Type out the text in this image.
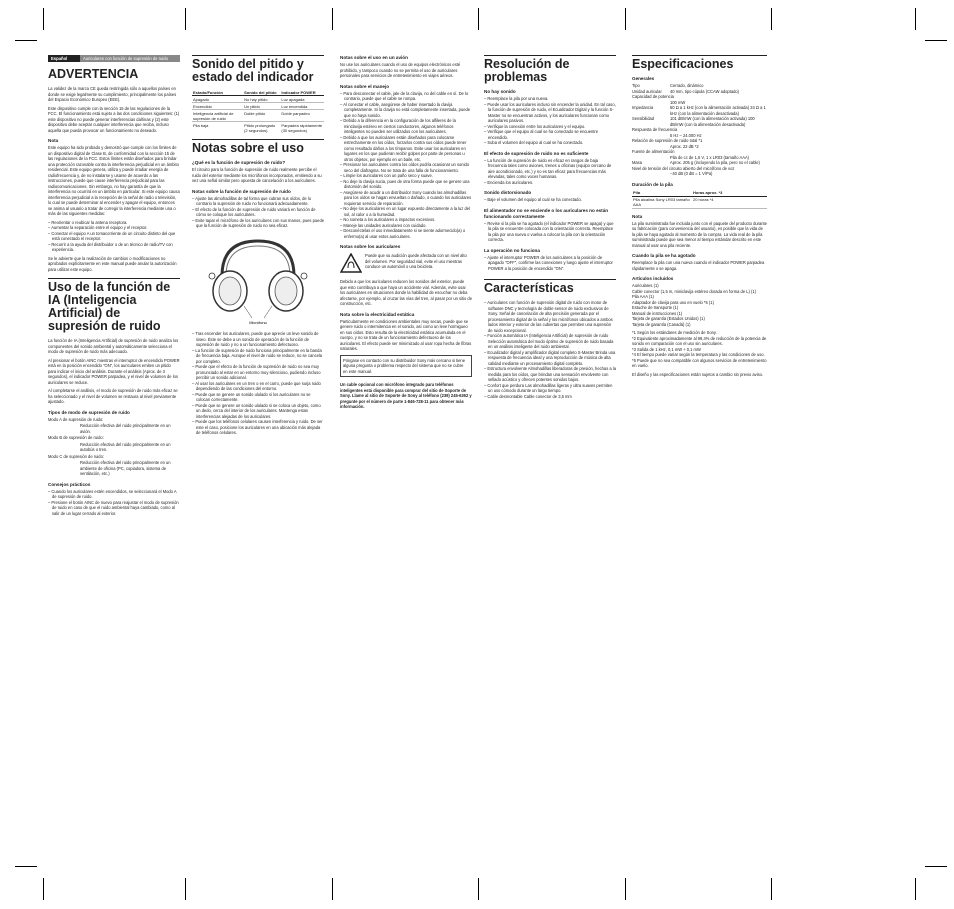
Español	Auriculares con función de supresión de ruido
ADVERTENCIA

La validez de la marca CE queda restringida sólo a aquellos países en donde se exige legalmente su cumplimiento, principalmente los países del Espacio Económico Europeo (EEE).

Este dispositivo cumple con la sección 15 de las regulaciones de la FCC. El funcionamiento está sujeto a las dos condiciones siguientes: (1) este dispositivo no puede generar interferencias dañinas y (2) este dispositivo debe aceptar cualquier interferencia que reciba, incluso aquella que pueda provocar un funcionamiento no deseado.

Nota

Este equipo ha sido probado y demostró que cumple con los límites de un dispositivo digital de Clase B, de conformidad con la sección 15 de las regulaciones de la FCC. Estos límites están diseñados para brindar una protección razonable contra la interferencia perjudicial en un ámbito residencial. Este equipo genera, utiliza y puede irradiar energía de radiofrecuencia y, de no instalarse y usarse de acuerdo a las instrucciones, puede que cause interferencia perjudicial para las radiocomunicaciones. Sin embargo, no hay garantía de que la interferencia no ocurrirá en un ámbito en particular. Si este equipo causa interferencia perjudicial a la recepción de la señal de radio o televisión, lo cual se puede determinar al encender y apagar el equipo, entonces se anima al usuario a tratar de corregir la interferencia mediante una o más de las siguientes medidas:

– Reorientar o reubicar la antena receptora.
– Aumentar la separación entre el equipo y el receptor.
– Conectar el equipo A un tomacorriente de un circuito distinto del que está conectado el receptor.
– Recurrir a la ayuda del distribuidor o de un técnico de radio/TV con experiencia.

Se le advierte que la realización de cambios o modificaciones no aprobados explícitamente en este manual puede anular la autorización para utilizar este equipo.

Uso de la función de IA (Inteligencia Artificial) de supresión de ruido

La función de IA (Inteligencia Artificial) de supresión de ruido analiza los componentes del sonido ambiental y automáticamente selecciona el modo de supresión de ruido más adecuado.

Al presionar el botón AINC mientras el interruptor de encendido POWER está en la posición encendido "ON", los auriculares emiten un pitido para indicar el inicio del análisis. Durante el análisis (Aprox. de 3 segundos), el indicador POWER parpadea, y el nivel de volumen de los auriculares se reduce.

Al completarse el análisis, el modo de supresión de ruido más eficaz se ha seleccionado y el nivel de volumen se restaura al nivel previamente ajustado.

Tipos de modo de supresión de ruido
Modo A de supresión de ruido:
Reducción efectiva del ruido principalmente en un avión.
Modo B de supresión de ruido:
Reducción efectiva del ruido principalmente en un autobús o tren.
Modo C de supresión de ruido:
Reducción efectiva del ruido principalmente en un ambiente de oficina (PC, copiadora, sistema de ventilación, etc.)
Consejos prácticos
– Cuando los auriculares estén encendidos, se seleccionará el Modo A de supresión de ruido.
– Presione el botón AINC de nuevo para reajustar el modo de supresión de ruido en caso de que el ruido ambiental haya cambiado, como al salir de un lugar cerrado al exterior.
Sonido del pitido y estado del indicador
Estado/Función	Sonido del pitido	Indicador POWER
Apagado	No hay pitido	Luz apagada
Encendido	Un pitido	Luz encendida
Inteligencia artificial de supresión de ruido	Doble pitido	Doble parpadeo
Pila baja	Pitido prolongado (2 segundos)	Parpadea rápidamente (30 segundos)
Notas sobre el uso
¿Qué es la función de supresión de ruido?

El circuito para la función de supresión de ruido realmente percibe el ruido del exterior mediante los micrófonos incorporados, emitiendo a su vez una señal similar pero opuesta de cancelación a los auriculares.

Notas sobre la función de supresión de ruido
– Ajuste las almohadillas de tal forma que cubran sus oídos, de lo contrario la supresión de ruido no funcionará adecuadamente.
– El efecto de la función de supresión de ruido variará en función de cómo se coloque los auriculares.
– Evite tapar el micrófono de los auriculares con sus manos, pues puede que la función de supresión de ruido no sea eficaz.
Micrófono
– Tras encender los auriculares, puede que aprecie un leve sonido de siseo. Éste se debe a un sonido de operación de la función de supresión de ruido y no a un funcionamiento defectuoso.
– La función de supresión de ruido funciona principalmente en la banda de frecuencia baja. Aunque el nivel de ruido se reduce, no se cancela por completo.
– Puede que el efecto de la función de supresión de ruido no sea muy pronunciado al estar en un entorno muy silencioso, pudiendo incluso percibir un sonido adicional.
– Al usar los auriculares en un tren o en el carro, puede que surja ruido dependiendo de las condiciones del entorno.
– Puede que se genere un sonido ululado si los auriculares no se colocan correctamente.
– Puede que se genere un sonido ululado si se coloca un objeto, como un dedo, cerca del interior de los auriculares. Mantenga estas interferencias alejadas de los auriculares.
– Puede que los teléfonos celulares causen interferencia y ruido. De ser este el caso, posicione los auriculares en una ubicación más alejada de teléfonos celulares.
Notas sobre el uso en un avión

No use los auriculares cuando el uso de equipos electrónicos esté prohibido, y tampoco cuando no se permita el uso de auriculares personales para servicios de entretenimiento en viajes aéreos.

Notas sobre el manejo
– Para desconectar el cable, jale de la clavija, no del cable en sí. De lo contrario, puede que el cable se rompa.
– Al conectar el cable, asegúrese de haber insertado la clavija completamente. Si la clavija no está completamente insertada, puede que no haya sonido.
– Debido a la diferencia en la configuración de los alfileres de la minclavija estéreo en ciertos conductores, algunos teléfonos inteligentes no pueden ser utilizados con los auriculares.
– Debido a que los auriculares están diseñados para colocarse estrechamente en los oídos, forzarlos contra sus oídos puede tener como resultado daños a los tímpanos. Evite usar los auriculares en lugares en los que pudieran recibir golpes por parte de personas u otros objetos, por ejemplo en un baile, etc.
– Presionar los auriculares contra los oídos podría ocasionar un sonido seco del diafragma. No se trata de una falla de funcionamiento.
– Limpie los auriculares con un paño seco y suave.
– No deje la clavija sucia, pues de otra forma puede que se genere una distorsión del sonido.
– Asegúrese de acudir a un distribuidor Sony cuando las almohadillas para los oídos se hagan envueltas o dañado, o cuando los auriculares requieran servicio de reparación.
– No deje los auriculares en un lugar expuesto directamente a la luz del sol, al calor o a la humedad.
– No someta a los auriculares a impactos excesivos.
– Maneje las unidades auriculares con cuidado.
– Desconéctelas el uso inmediatamente si se siente adormecido(a) o enfermo(a) al usar estos auriculares.
Notas sobre los auriculares

Puede que su audición quede afectada con un nivel alto del volumen. Por seguridad vial, evite el uso mientras conduce un automóvil o una bicicleta.

Debido a que los auriculares reducen los sonidos del exterior, puede que esto contribuya a que haya un accidente vial. Además, evite usar los auriculares en situaciones donde la habilidad de escuchar no deba afectarse, por ejemplo, al cruzar las vías del tren, al pasar por un sitio de construcción, etc.

Nota sobre la electricidad estática

Particularmente en condiciones ambientales muy secas, puede que se genere ruido o intermitencia en el sonido, así como un leve hormigueo en sus oídos. Esto resulta de la electricidad estática acumulada en el cuerpo, y no se trata de un funcionamiento defectuoso de los auriculares. El efecto puede ser minimizado al usar ropa hecha de fibras naturales.

Póngase en contacto con su distribuidor Sony más cercano si tiene alguna pregunta o problema respecto del sistema que no se cubre en este manual.

Un cable opcional con micrófono integrado para teléfonos inteligentes está disponible para comprar del sitio de Soporte de Sony. Llame al sitio de Soporte de Sony al teléfono (239) 245-6362 y pregunte por el número de parte 1-846-728-11 para obtener más información.

Resolución de problemas
No hay sonido
– Reemplace la pila por una nueva.
– Puede usar los auriculares incluso sin encender la unidad. En tal caso, la función de supresión de ruido, el Ecualizador Digital y la función S-Master no se encuentran activos, y los auriculares funcionan como auriculares pasivos.
– Verifique la conexión entre los auriculares y el equipo.
– Verifique que el equipo al cual se ha conectado se encuentre encendido.
– Suba el volumen del equipo al cual se ha conectado.
El efecto de supresión de ruido no es suficiente
– La función de supresión de ruido es eficaz en rangos de baja frecuencia tales como aviones, trenes u oficinas (equipo cercano de aire acondicionado, etc.) y no es tan eficaz para frecuencias más elevadas, tales como voces humanas.
– Encienda los auriculares.
Sonido distorsionado
– Baje el volumen del equipo al cual se ha conectado.
El alimentador no se enciende o los auriculares no están funcionando correctamente
– Revise si la pila se ha agotado (el indicador POWER se apaga) y que la pila se encuentre colocada con la orientación correcta. Reemplace la pila por una nueva o vuelva a colocar la pila con la orientación correcta.
La operación no funciona
– Ajuste el interruptor POWER de los auriculares a la posición de apagado "OFF", confirme las conexiones y luego ajuste el interruptor POWER a la posición de encendido "ON".
Características
– Auriculares con función de supresión digital de ruido con motor de software DNC y tecnología de doble sensor de ruido exclusivos de Sony. Señal de cancelación de alta precisión generada por el procesamiento digital de la señal y los micrófonos ubicados a ambos lados interior y exterior de las cubiertas que permiten una supresión de ruido excepcional.
– Función automática IA (Inteligencia Artificial) de supresión de ruido Selección automática del modo óptimo de supresión de ruido basada en un análisis inteligente del ruido ambiental.
– Ecualizador digital y amplificador digital completo S-Master Brinda una respuesta de frecuencia ideal y una reproducción de música de alta calidad mediante un procesamiento digital completo.
– Estructura envolvente Almohadillas liberadoras de presión, hechas a la medida para los oídos, que brindan una sensación envolvente con sellado acústico y ofrecen potentes sonidos bajos.
– Confort que perdura Las almohadillas ligeras y ultra suaves permiten un uso cómodo durante un largo tiempo.
– Cable desmontable Cable conector de 3,5 mm
Especificaciones
Generales
Tipo	Cerrado, dinámico
Unidad auricular	40 mm, tipo cúpula (CCAW adoptado)
Capacidad de potencia
100 mW
Impedancia	50 Ω a 1 kHz (con la alimentación activada) 24 Ω a 1 kHz (con la alimentación desactivada)
Sensibilidad	101 dB/mW (con la alimentación activada) 100 dB/mW (con la alimentación desactivada)
Respuesta de frecuencia
5 Hz – 24.000 Hz
Relación de supresión de ruido total *1
Aprox. 22 dB *2
Fuente de alimentación
Pila de cc de 1,5 V, 1 x LR03 (tamaño AAA)
Masa	Aprox. 205 g (incluyendo la pila, pero no el cable)
Nivel de tensión del circuito abierto del micrófono de voz
−40 dB (0 dB = 1 V/Pa)
Duración de la pila
Pila	Horas aprox. *3
Pila alcalina Sony LR03 tamaño AAA	20 horas *4
Nota

La pila suministrada fue incluida junto con el paquete del producto durante su fabricación (para conveniencia del usuario), es posible que la vida de la pila se haya agotado al momento de la compra. La vida real de la pila suministrada puede que sea menor al tiempo estándar descrito en este manual al usar una pila reciente.

Cuando la pila se ha agotado

Reemplace la pila con una nueva cuando el indicador POWER parpadea rápidamente o se apaga.

Artículos incluidos
Auriculares (1)
Cable conector (1,5 m, miniclavija estéreo dorada en forma de L) (1)
Pila AAA (1)
Adaptador de clavija para uso en vuelo *5 (1)
Estuche de transporte (1)
Manual de instrucciones (1)
Tarjeta de garantía (Estados Unidos) (1)
Tarjeta de garantía (Canadá) (1)
*1 Según los estándares de medición de Sony.
*2 Equivalente aproximadamente al 99,4% de reducción de la potencia de sonido en comparación con el uso sin auriculares.
*3 Salida de 1 kHz, 0,1 mW + 0,1 mW
*4 El tiempo puede variar según la temperatura y las condiciones de uso.
*5 Puede que no sea compatible con algunos servicios de entretenimiento en vuelo.

El diseño y las especificaciones están sujetos a cambio sin previo aviso.
